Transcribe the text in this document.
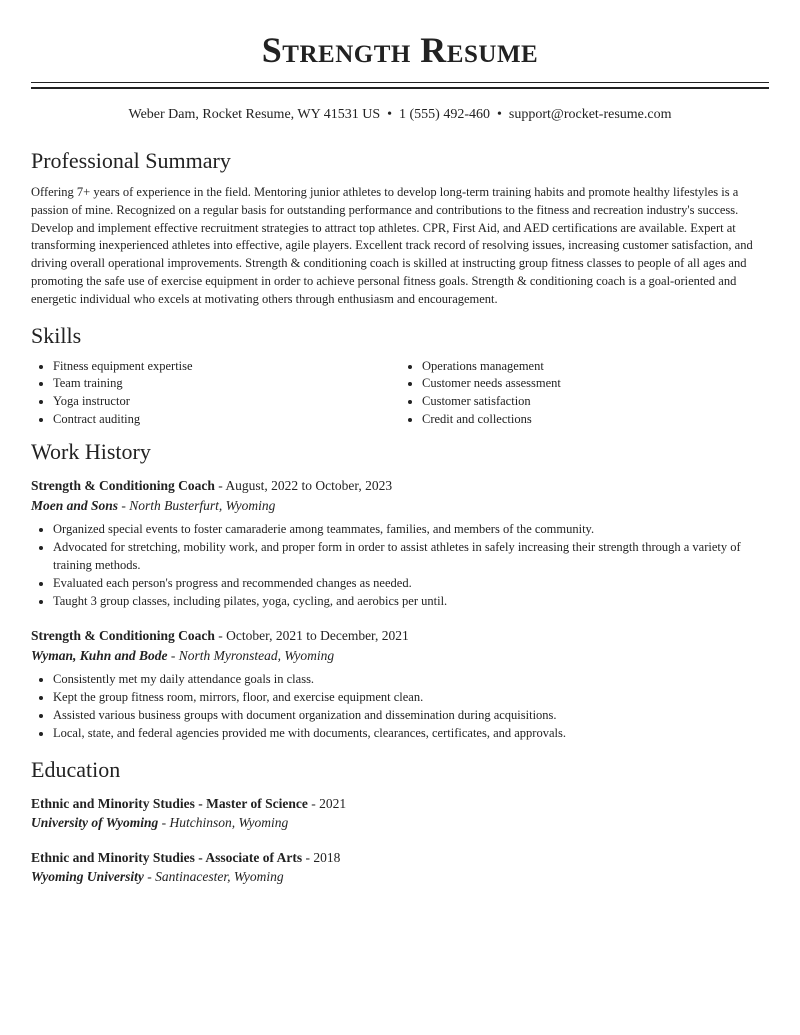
Strength Resume
Weber Dam, Rocket Resume, WY 41531 US • 1 (555) 492-460 • support@rocket-resume.com
Professional Summary
Offering 7+ years of experience in the field. Mentoring junior athletes to develop long-term training habits and promote healthy lifestyles is a passion of mine. Recognized on a regular basis for outstanding performance and contributions to the fitness and recreation industry's success. Develop and implement effective recruitment strategies to attract top athletes. CPR, First Aid, and AED certifications are available. Expert at transforming inexperienced athletes into effective, agile players. Excellent track record of resolving issues, increasing customer satisfaction, and driving overall operational improvements. Strength & conditioning coach is skilled at instructing group fitness classes to people of all ages and promoting the safe use of exercise equipment in order to achieve personal fitness goals. Strength & conditioning coach is a goal-oriented and energetic individual who excels at motivating others through enthusiasm and encouragement.
Skills
• Fitness equipment expertise
• Team training
• Yoga instructor
• Contract auditing
• Operations management
• Customer needs assessment
• Customer satisfaction
• Credit and collections
Work History
Strength & Conditioning Coach - August, 2022 to October, 2023
Moen and Sons - North Busterfurt, Wyoming
• Organized special events to foster camaraderie among teammates, families, and members of the community.
• Advocated for stretching, mobility work, and proper form in order to assist athletes in safely increasing their strength through a variety of training methods.
• Evaluated each person's progress and recommended changes as needed.
• Taught 3 group classes, including pilates, yoga, cycling, and aerobics per until.
Strength & Conditioning Coach - October, 2021 to December, 2021
Wyman, Kuhn and Bode - North Myronstead, Wyoming
• Consistently met my daily attendance goals in class.
• Kept the group fitness room, mirrors, floor, and exercise equipment clean.
• Assisted various business groups with document organization and dissemination during acquisitions.
• Local, state, and federal agencies provided me with documents, clearances, certificates, and approvals.
Education
Ethnic and Minority Studies - Master of Science - 2021
University of Wyoming - Hutchinson, Wyoming
Ethnic and Minority Studies - Associate of Arts - 2018
Wyoming University - Santinacester, Wyoming
